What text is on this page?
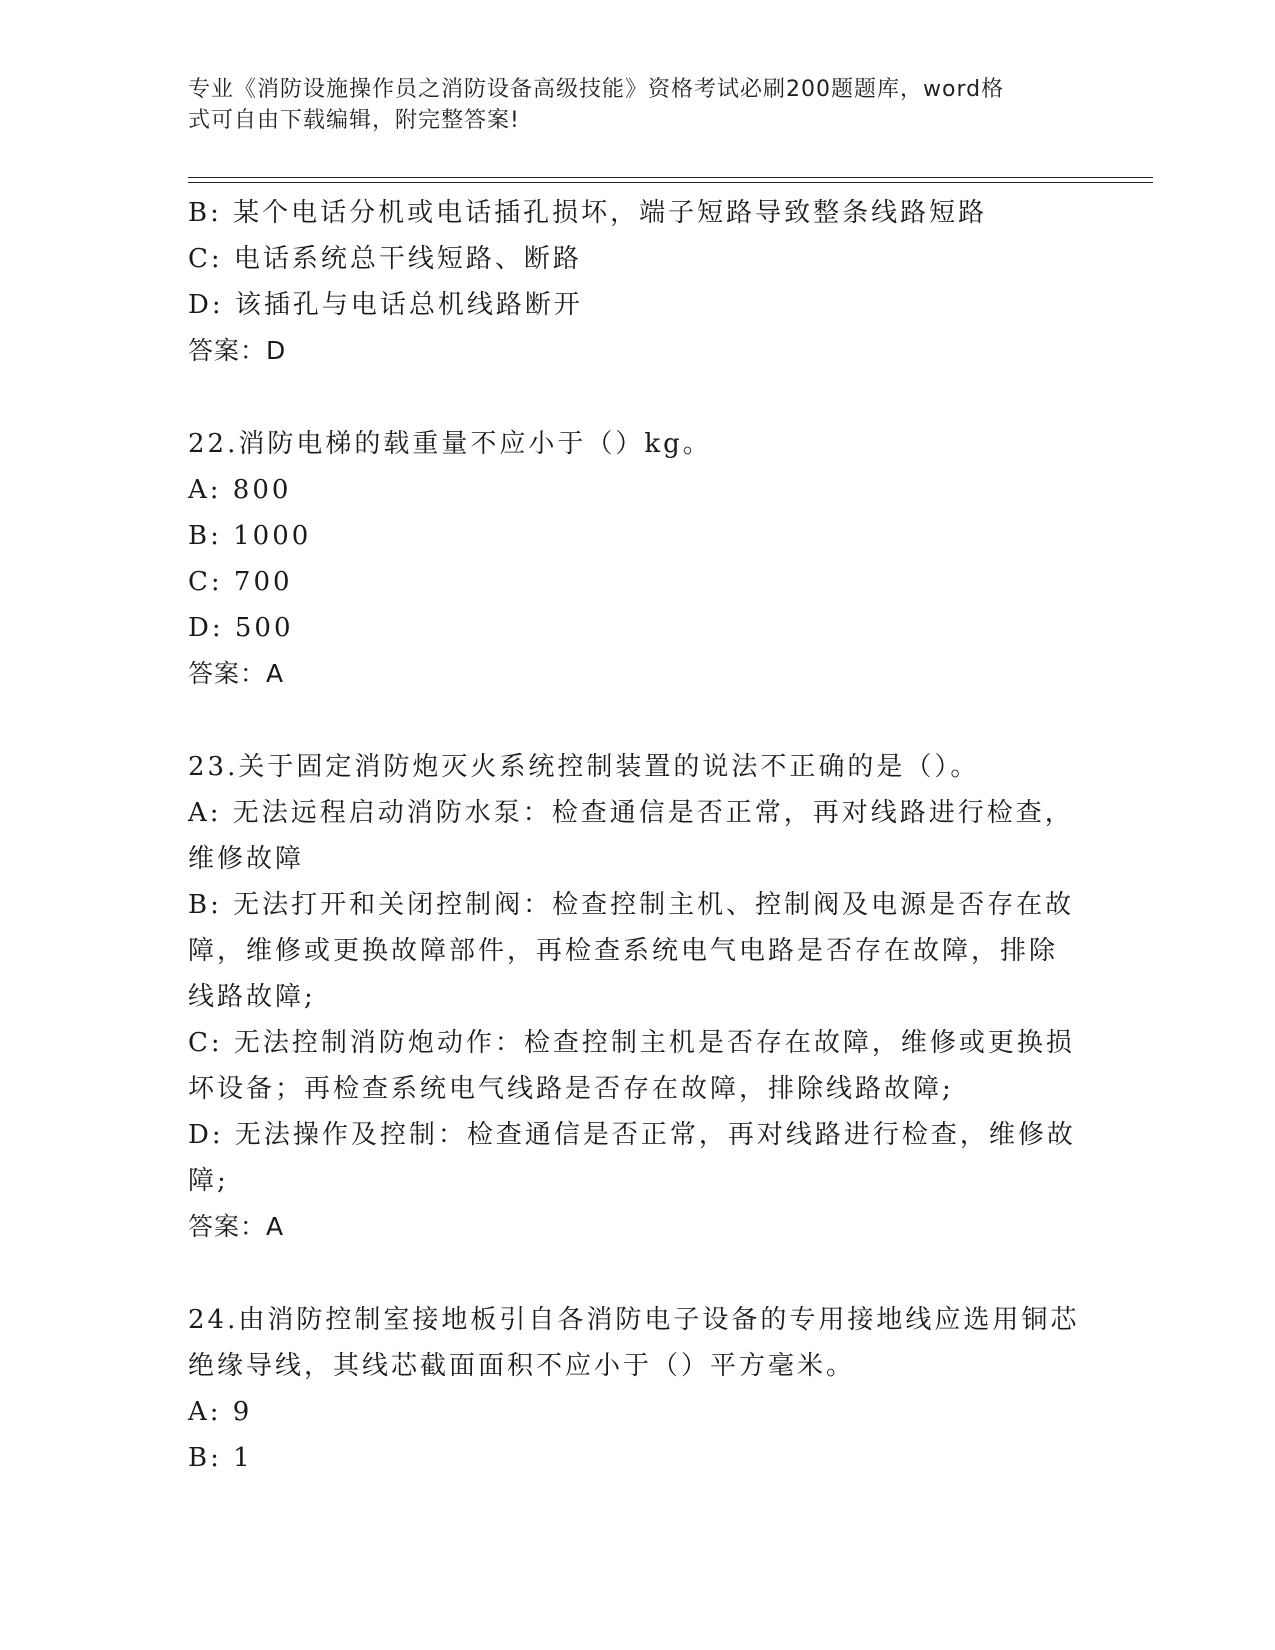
专业《消防设施操作员之消防设备高级技能》资格考试必刷200题题库，word格
式可自由下载编辑，附完整答案!

B: 某个电话分机或电话插孔损坏，端子短路导致整条线路短路

C: 电话系统总干线短路、断路

D: 该插孔与电话总机线路断开

答案：D

22.消防电梯的载重量不应小于（）kg。

A: 800

B: 1000

C: 700

D: 500

答案：A

23.关于固定消防炮灭火系统控制装置的说法不正确的是（）。

A: 无法远程启动消防水泵：检查通信是否正常，再对线路进行检查，

维修故障

B: 无法打开和关闭控制阀：检查控制主机、控制阀及电源是否存在故

障，维修或更换故障部件，再检查系统电气电路是否存在故障，排除

线路故障;

C: 无法控制消防炮动作：检查控制主机是否存在故障，维修或更换损

坏设备；再检查系统电气线路是否存在故障，排除线路故障;

D: 无法操作及控制：检查通信是否正常，再对线路进行检查，维修故

障;

答案：A

24.由消防控制室接地板引自各消防电子设备的专用接地线应选用铜芯

绝缘导线，其线芯截面面积不应小于（）平方毫米。

A: 9

B: 1
